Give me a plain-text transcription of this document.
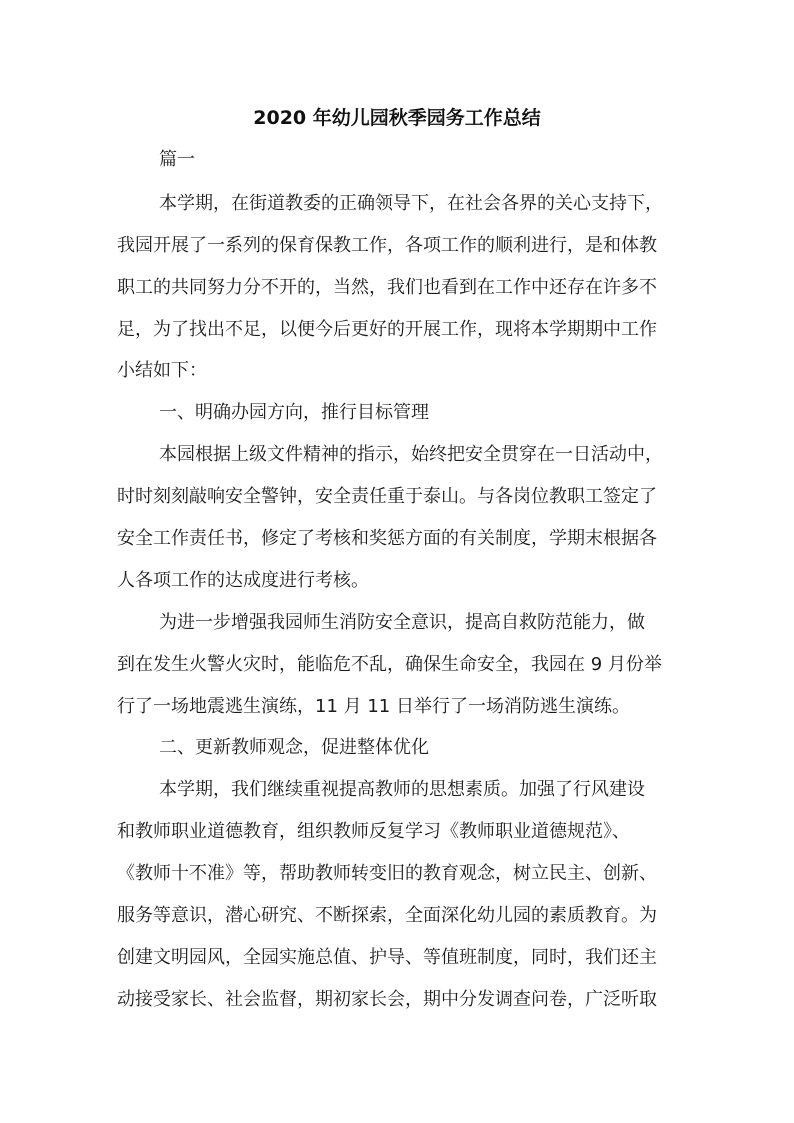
2020 年幼儿园秋季园务工作总结

篇一

本学期，在街道教委的正确领导下，在社会各界的关心支持下，

我园开展了一系列的保育保教工作，各项工作的顺利进行，是和体教

职工的共同努力分不开的，当然，我们也看到在工作中还存在许多不

足，为了找出不足，以便今后更好的开展工作，现将本学期期中工作

小结如下：

一、明确办园方向，推行目标管理

本园根据上级文件精神的指示，始终把安全贯穿在一日活动中，

时时刻刻敲响安全警钟，安全责任重于泰山。与各岗位教职工签定了

安全工作责任书，修定了考核和奖惩方面的有关制度，学期末根据各

人各项工作的达成度进行考核。

为进一步增强我园师生消防安全意识，提高自救防范能力，做

到在发生火警火灾时，能临危不乱，确保生命安全，我园在 9 月份举

行了一场地震逃生演练，11 月 11 日举行了一场消防逃生演练。

二、更新教师观念，促进整体优化

本学期，我们继续重视提高教师的思想素质。加强了行风建设

和教师职业道德教育，组织教师反复学习《教师职业道德规范》、

《教师十不准》等，帮助教师转变旧的教育观念，树立民主、创新、

服务等意识，潜心研究、不断探索，全面深化幼儿园的素质教育。为

创建文明园风，全园实施总值、护导、等值班制度，同时，我们还主

动接受家长、社会监督，期初家长会，期中分发调查问卷，广泛听取
